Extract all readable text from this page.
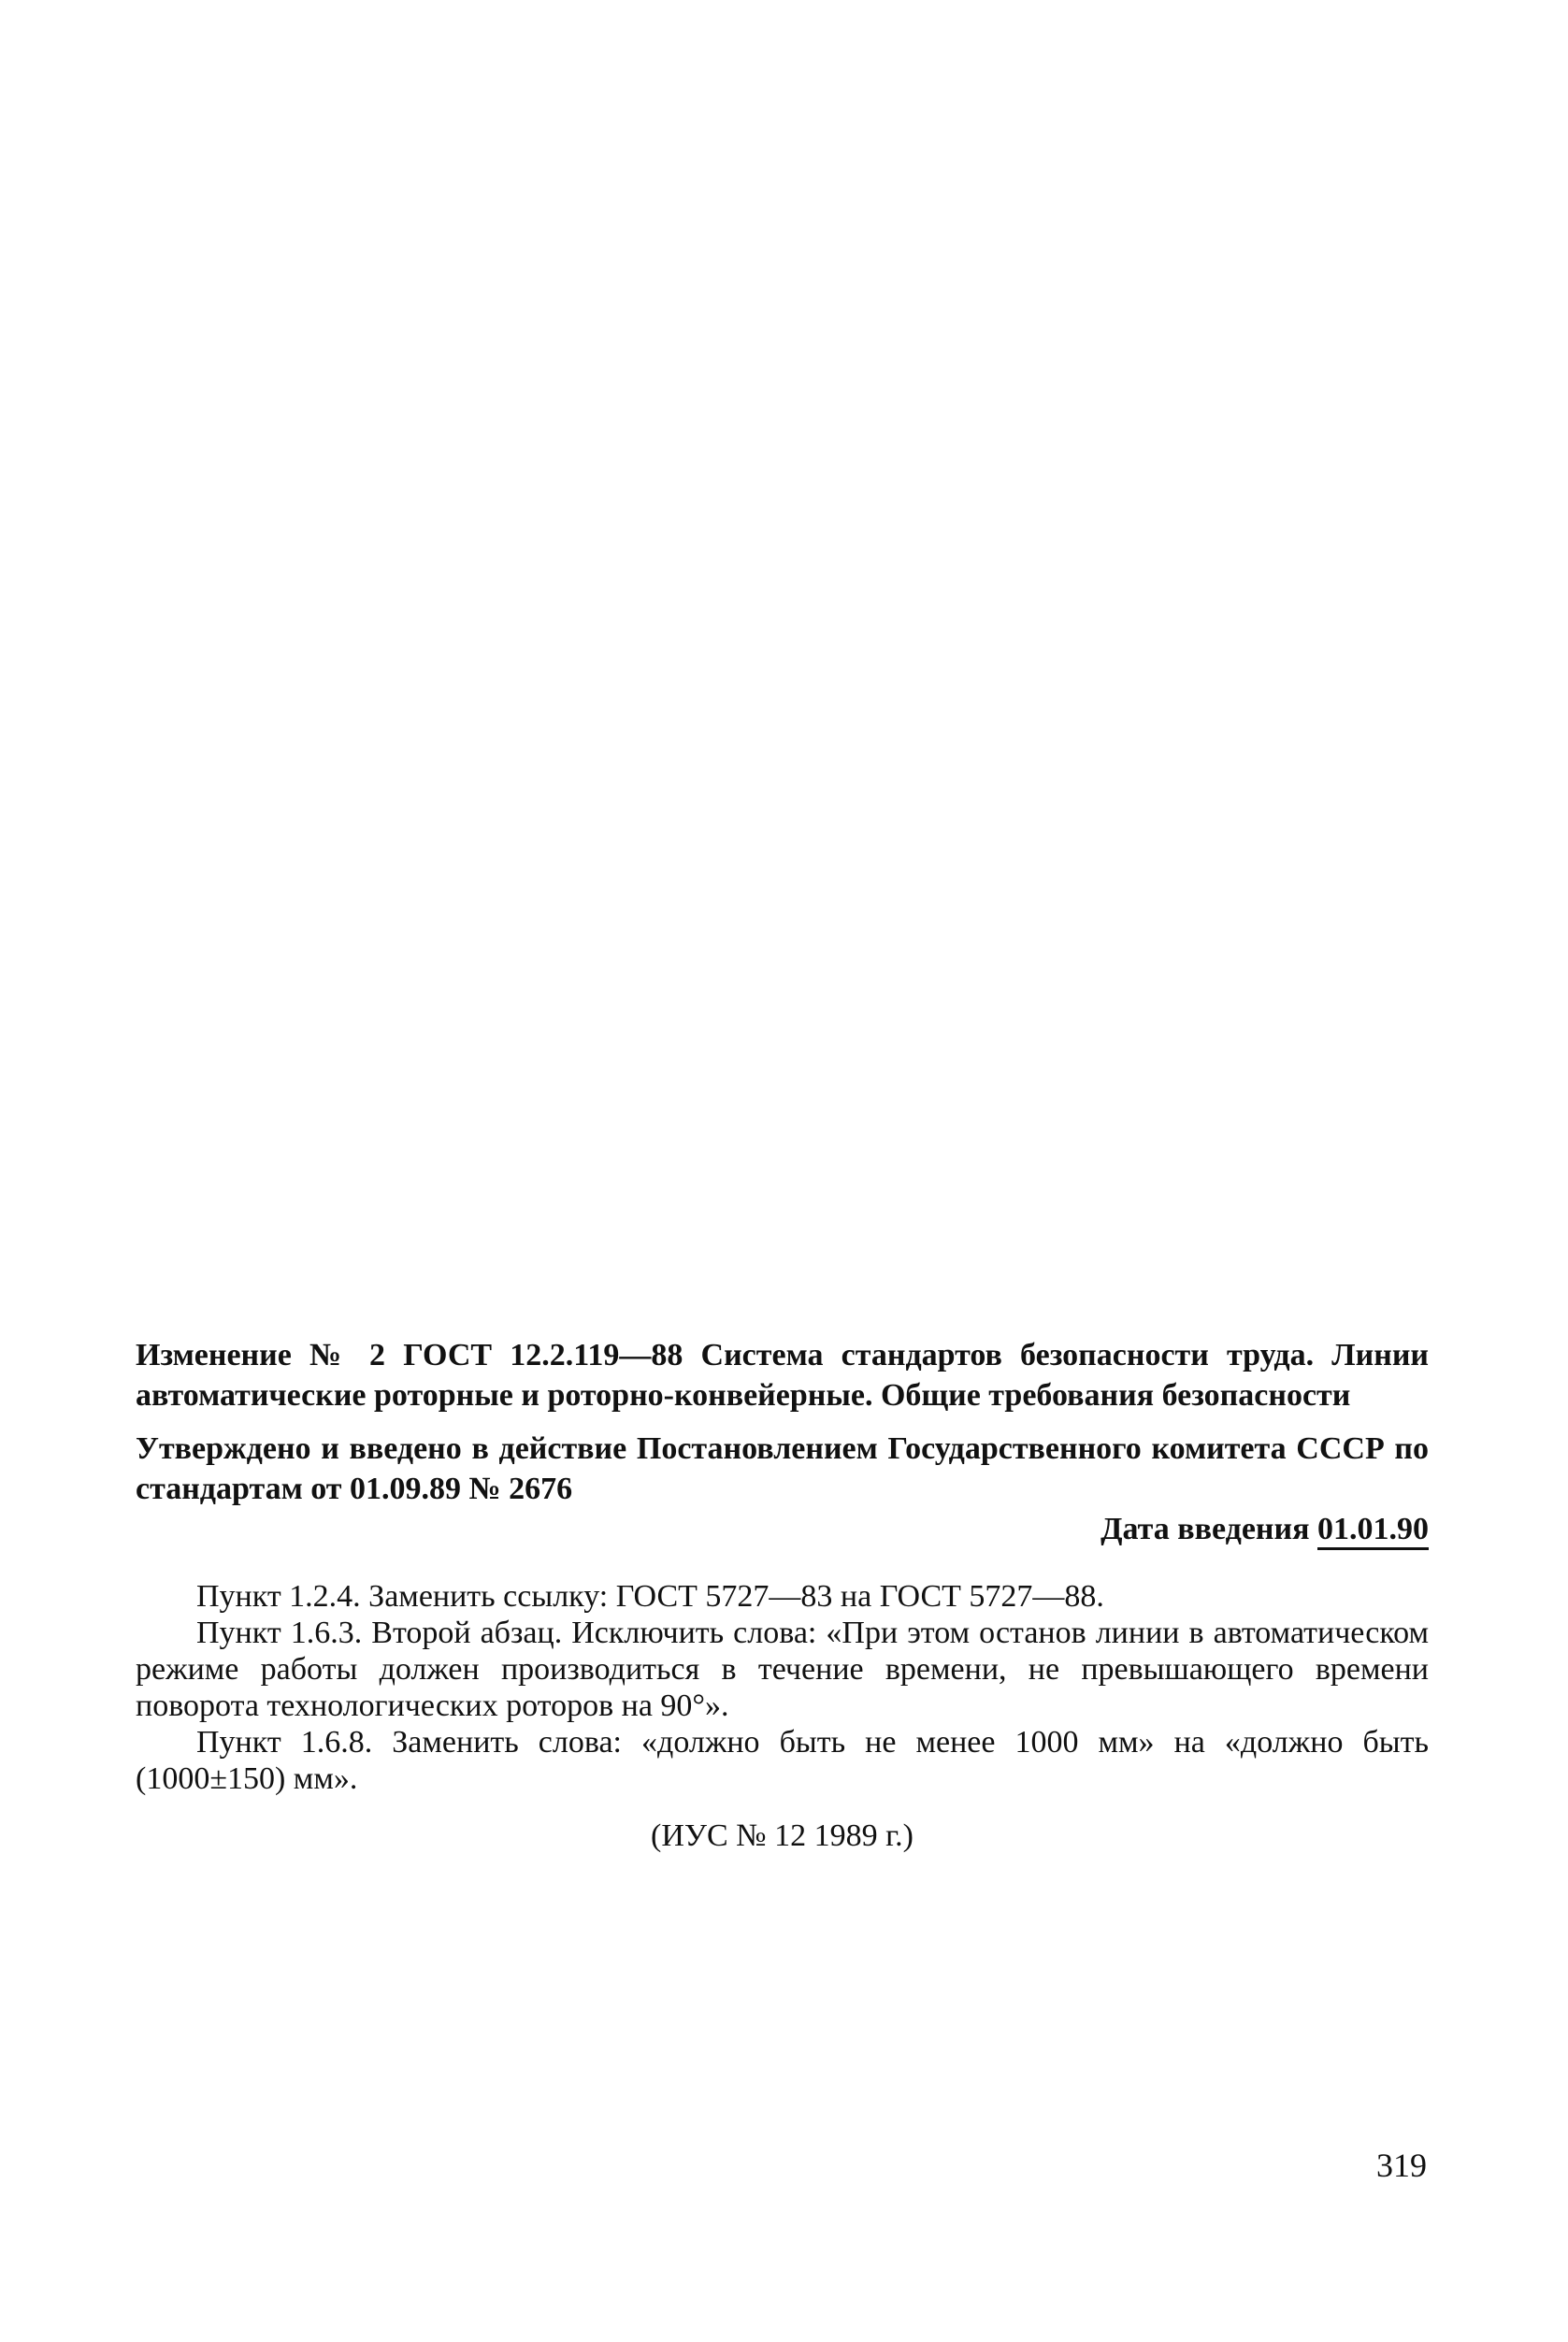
Изменение № 2 ГОСТ 12.2.119—88 Система стандартов безопасности труда. Линии автоматические роторные и роторно-конвейерные. Общие требования безопасности

Утверждено и введено в действие Постановлением Государственного комитета СССР по стандартам от 01.09.89 № 2676

Дата введения 01.01.90

Пункт 1.2.4. Заменить ссылку: ГОСТ 5727—83 на ГОСТ 5727—88.

Пункт 1.6.3. Второй абзац. Исключить слова: «При этом останов линии в автоматическом режиме работы должен производиться в течение времени, не превышающего времени поворота технологических роторов на 90°».

Пункт 1.6.8. Заменить слова: «должно быть не менее 1000 мм» на «должно быть (1000±150) мм».

(ИУС № 12 1989 г.)

319
